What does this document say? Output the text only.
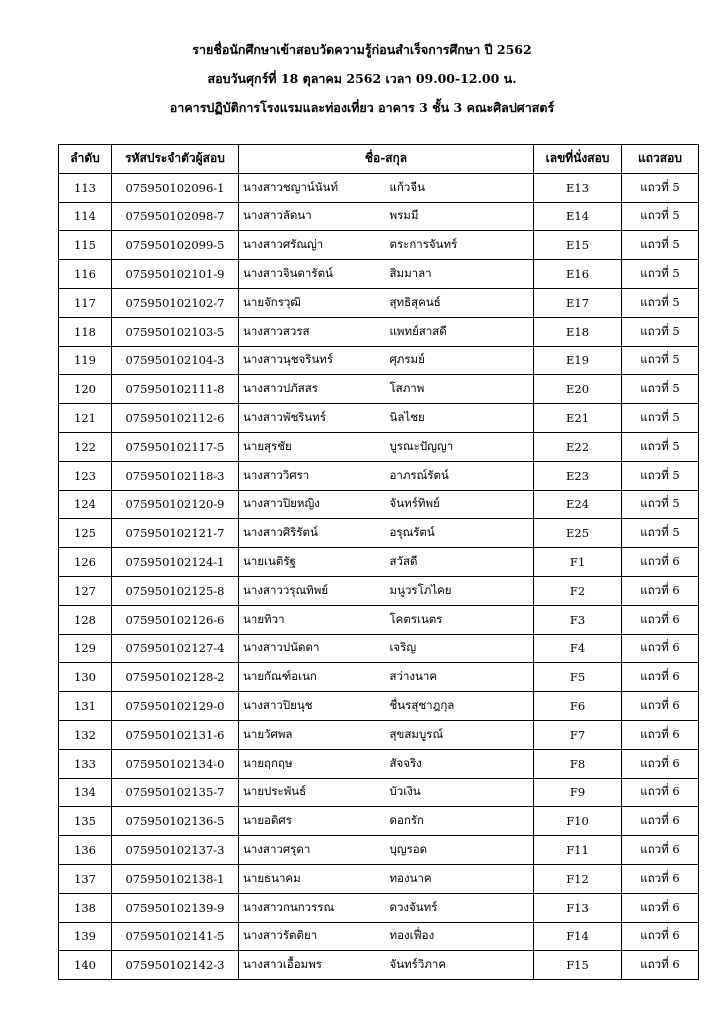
รายชื่อนักศึกษาเข้าสอบวัดความรู้ก่อนสำเร็จการศึกษา ปี 2562
สอบวันศุกร์ที่ 18 ตุลาคม 2562 เวลา 09.00-12.00 น.
อาคารปฏิบัติการโรงแรมและท่องเที่ยว อาคาร 3 ชั้น 3 คณะศิลปศาสตร์
ลำดับ	รหัสประจำตัวผู้สอบ	ชื่อ-สกุล		เลขที่นั่งสอบ	แถวสอบ
113	075950102096-1	นางสาวชญาน์นันท์	แก้วจีน	E13	แถวที่ 5
114	075950102098-7	นางสาวลัดนา	พรมมี	E14	แถวที่ 5
115	075950102099-5	นางสาวศรัณญ่า	ตระการจันทร์	E15	แถวที่ 5
116	075950102101-9	นางสาวจินดารัตน์	สิมมาลา	E16	แถวที่ 5
117	075950102102-7	นายจักรวุฒิ	สุทธิสุคนธ์	E17	แถวที่ 5
118	075950102103-5	นางสาวสวรส	แพทย์สาสดี	E18	แถวที่ 5
119	075950102104-3	นางสาวนุชจรินทร์	ศุภรมย์	E19	แถวที่ 5
120	075950102111-8	นางสาวปภัสสร	โสภาพ	E20	แถวที่ 5
121	075950102112-6	นางสาวพัชรินทร์	นิลไชย	E21	แถวที่ 5
122	075950102117-5	นายสุรชัย	บูรณะปัญญา	E22	แถวที่ 5
123	075950102118-3	นางสาววิศรา	อาภรณ์รัตน์	E23	แถวที่ 5
124	075950102120-9	นางสาวปิยหญิง	จันทร์ทิพย์	E24	แถวที่ 5
125	075950102121-7	นางสาวศิริรัตน์	อรุณรัตน์	E25	แถวที่ 5
126	075950102124-1	นายเนติรัฐ	สวัสดี	F1	แถวที่ 6
127	075950102125-8	นางสาววรุณทิพย์	มนูวรโภไคย	F2	แถวที่ 6
128	075950102126-6	นายทิวา	โคตรเนตร	F3	แถวที่ 6
129	075950102127-4	นางสาวปนัดดา	เจริญ	F4	แถวที่ 6
130	075950102128-2	นายกัณฑ์อเนก	สว่างนาค	F5	แถวที่ 6
131	075950102129-0	นางสาวปิยนุช	ชื่นรสุชาฎกุล	F6	แถวที่ 6
132	075950102131-6	นายวัศพล	สุขสมบูรณ์	F7	แถวที่ 6
133	075950102134-0	นายฤกฤษ	สัจจริง	F8	แถวที่ 6
134	075950102135-7	นายประพันธ์	บัวเงิน	F9	แถวที่ 6
135	075950102136-5	นายอดิศร	ดอกรัก	F10	แถวที่ 6
136	075950102137-3	นางสาวศรุดา	บุญรอด	F11	แถวที่ 6
137	075950102138-1	นายธนาคม	ทองนาค	F12	แถวที่ 6
138	075950102139-9	นางสาวกนกวรรณ	ดวงจันทร์	F13	แถวที่ 6
139	075950102141-5	นางสาวรัตติยา	ทองเฟื่อง	F14	แถวที่ 6
140	075950102142-3	นางสาวเอื้อมพร	จันทร์วิภาค	F15	แถวที่ 6
